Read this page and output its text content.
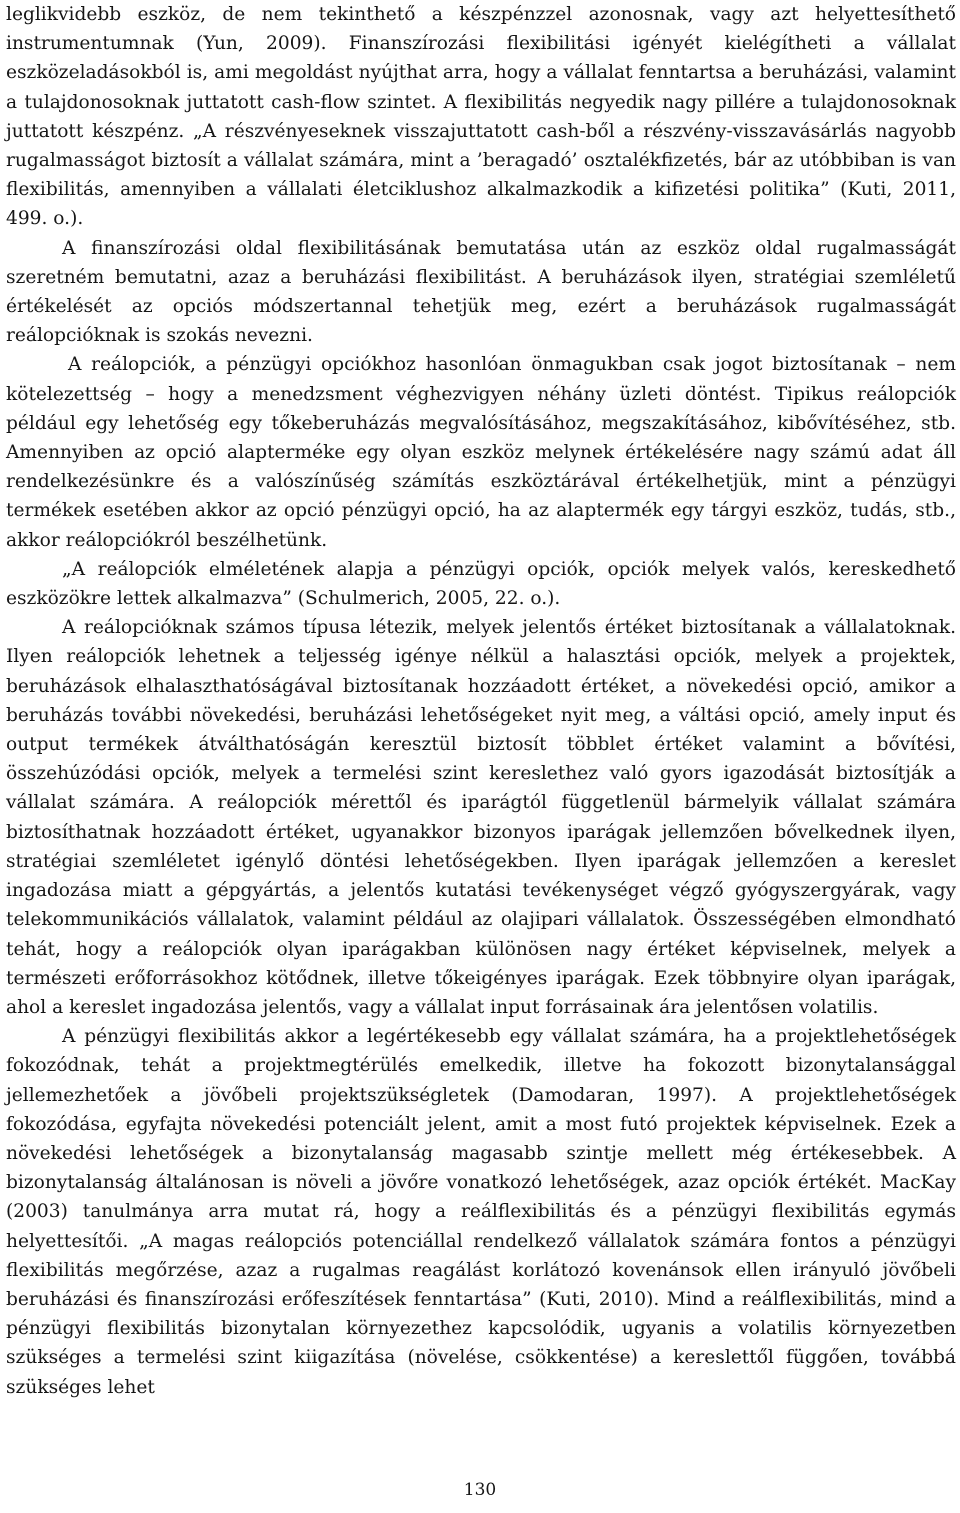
leglikvidebb eszköz, de nem tekinthető a készpénzzel azonosnak, vagy azt helyettesíthető instrumentumnak (Yun, 2009). Finanszírozási flexibilitási igényét kielégítheti a vállalat eszközeladásokból is, ami megoldást nyújthat arra, hogy a vállalat fenntartsa a beruházási, valamint a tulajdonosoknak juttatott cash-flow szintet. A flexibilitás negyedik nagy pillére a tulajdonosoknak juttatott készpénz. „A részvényeseknek visszajuttatott cash-ből a részvény-visszavásárlás nagyobb rugalmasságot biztosít a vállalat számára, mint a ’beragadó’ osztalékfizetés, bár az utóbbiban is van flexibilitás, amennyiben a vállalati életciklushoz alkalmazkodik a kifizetési politika” (Kuti, 2011, 499. o.).

A finanszírozási oldal flexibilitásának bemutatása után az eszköz oldal rugalmasságát szeretném bemutatni, azaz a beruházási flexibilitást. A beruházások ilyen, stratégiai szemléletű értékelését az opciós módszertannal tehetjük meg, ezért a beruházások rugalmasságát reálopcióknak is szokás nevezni.

A reálopciók, a pénzügyi opciókhoz hasonlóan önmagukban csak jogot biztosítanak – nem kötelezettség – hogy a menedzsment véghezvigyen néhány üzleti döntést. Tipikus reálopciók például egy lehetőség egy tőkeberuházás megvalósításához, megszakításához, kibővítéséhez, stb. Amennyiben az opció alapterméke egy olyan eszköz melynek értékelésére nagy számú adat áll rendelkezésünkre és a valószínűség számítás eszköztárával értékelhetjük, mint a pénzügyi termékek esetében akkor az opció pénzügyi opció, ha az alaptermék egy tárgyi eszköz, tudás, stb., akkor reálopciókról beszélhetünk.

„A reálopciók elméletének alapja a pénzügyi opciók, opciók melyek valós, kereskedhető eszközökre lettek alkalmazva” (Schulmerich, 2005, 22. o.).

A reálopcióknak számos típusa létezik, melyek jelentős értéket biztosítanak a vállalatoknak. Ilyen reálopciók lehetnek a teljesség igénye nélkül a halasztási opciók, melyek a projektek, beruházások elhalaszthatóságával biztosítanak hozzáadott értéket, a növekedési opció, amikor a beruházás további növekedési, beruházási lehetőségeket nyit meg, a váltási opció, amely input és output termékek átválthatóságán keresztül biztosít többlet értéket valamint a bővítési, összehúzódási opciók, melyek a termelési szint kereslethez való gyors igazodását biztosítják a vállalat számára. A reálopciók mérettől és iparágtól függetlenül bármelyik vállalat számára biztosíthatnak hozzáadott értéket, ugyanakkor bizonyos iparágak jellemzően bővelkednek ilyen, stratégiai szemléletet igénylő döntési lehetőségekben. Ilyen iparágak jellemzően a kereslet ingadozása miatt a gépgyártás, a jelentős kutatási tevékenységet végző gyógyszergyárak, vagy telekommunikációs vállalatok, valamint például az olajipari vállalatok. Összességében elmondható tehát, hogy a reálopciók olyan iparágakban különösen nagy értéket képviselnek, melyek a természeti erőforrásokhoz kötődnek, illetve tőkeigényes iparágak. Ezek többnyire olyan iparágak, ahol a kereslet ingadozása jelentős, vagy a vállalat input forrásainak ára jelentősen volatilis.

A pénzügyi flexibilitás akkor a legértékesebb egy vállalat számára, ha a projektlehetőségek fokozódnak, tehát a projektmegtérülés emelkedik, illetve ha fokozott bizonytalansággal jellemezhetőek a jövőbeli projektszükségletek (Damodaran, 1997). A projektlehetőségek fokozódása, egyfajta növekedési potenciált jelent, amit a most futó projektek képviselnek. Ezek a növekedési lehetőségek a bizonytalanság magasabb szintje mellett még értékesebbek. A bizonytalanság általánosan is növeli a jövőre vonatkozó lehetőségek, azaz opciók értékét. MacKay (2003) tanulmánya arra mutat rá, hogy a reálflexibilitás és a pénzügyi flexibilitás egymás helyettesítői. „A magas reálopciós potenciállal rendelkező vállalatok számára fontos a pénzügyi flexibilitás megőrzése, azaz a rugalmas reagálást korlátozó kovenánsok ellen irányuló jövőbeli beruházási és finanszírozási erőfeszítések fenntartása” (Kuti, 2010). Mind a reálflexibilitás, mind a pénzügyi flexibilitás bizonytalan környezethez kapcsolódik, ugyanis a volatilis környezetben szükséges a termelési szint kiigazítása (növelése, csökkentése) a kereslettől függően, továbbá szükséges lehet

130
